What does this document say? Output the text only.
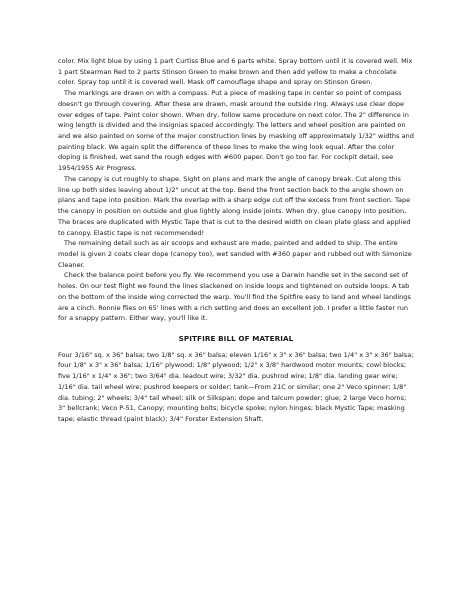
color. Mix light blue by using 1 part Curtiss Blue and 6 parts white. Spray bottom until it is covered well. Mix 1 part Stearman Red to 2 parts Stinson Green to make brown and then add yellow to make a chocolate color. Spray top until it is covered well. Mask off camouflage shape and spray on Stinson Green.

The markings are drawn on with a compass. Put a piece of masking tape in center so point of compass doesn't go through covering. After these are drawn, mask around the outside ring. Always use clear dope over edges of tape. Paint color shown. When dry, follow same procedure on next color. The 2" difference in wing length is divided and the insignias spaced accordingly. The letters and wheel position are painted on and we also painted on some of the major construction lines by masking off approximately 1/32" widths and painting black. We again split the difference of these lines to make the wing look equal. After the color doping is finished, wet sand the rough edges with #600 paper. Don't go too far. For cockpit detail, see 1954/1955 Air Progress.

The canopy is cut roughly to shape. Sight on plans and mark the angle of canopy break. Cut along this line up both sides leaving about 1/2" uncut at the top. Bend the front section back to the angle shown on plans and tape into position. Mark the overlap with a sharp edge cut off the excess from front section. Tape the canopy in position on outside and glue lightly along inside joints. When dry, glue canopy into position, The braces are duplicated with Mystic Tape that is cut to the desired width on clean plate glass and applied to canopy. Elastic tape is not recommended!

The remaining detail such as air scoops and exhaust are made, painted and added to ship. The entire model is given 2 coats clear dope (canopy too), wet sanded with #360 paper and rubbed out with Simonize Cleaner.

Check the balance point before you fly. We recommend you use a Darwin handle set in the second set of holes. On our test flight we found the lines slackened on inside loops and tightened on outside loops. A tab on the bottom of the inside wing corrected the warp. You'll find the Spitfire easy to land and wheel landings are a cinch. Ronnie flies on 65' lines with a rich setting and does an excellent job. I prefer a little faster run for a snappy pattern. Either way, you'll like it.

SPITFIRE BILL OF MATERIAL

Four 3/16" sq. x 36" balsa; two 1/8" sq. x 36" balsa; eleven 1/16" x 3" x 36" balsa; two 1/4" x 3" x 36" balsa; four 1/8" x 3" x 36" balsa; 1/16" plywood; 1/8" plywood; 1/2" x 3/8" hardwood motor mounts; cowl blocks; five 1/16" x 1/4" x 36"; two 3/64" dia. leadout wire; 3/32" dia. pushrod wire; 1/8" dia. landing gear wire; 1/16" dia. tail wheel wire; pushrod keepers or solder; tank—From 21C or similar; one 2" Veco spinner; 1/8" dia. tubing; 2" wheels; 3/4" tail wheel; silk or Silkspan; dope and talcum powder; glue; 2 large Veco horns; 3" bellcrank; Veco P-51, Canopy; mounting bolts; bicycle spoke; nylon hinges; black Mystic Tape; masking tape; elastic thread (paint black); 3/4" Forster Extension Shaft.
